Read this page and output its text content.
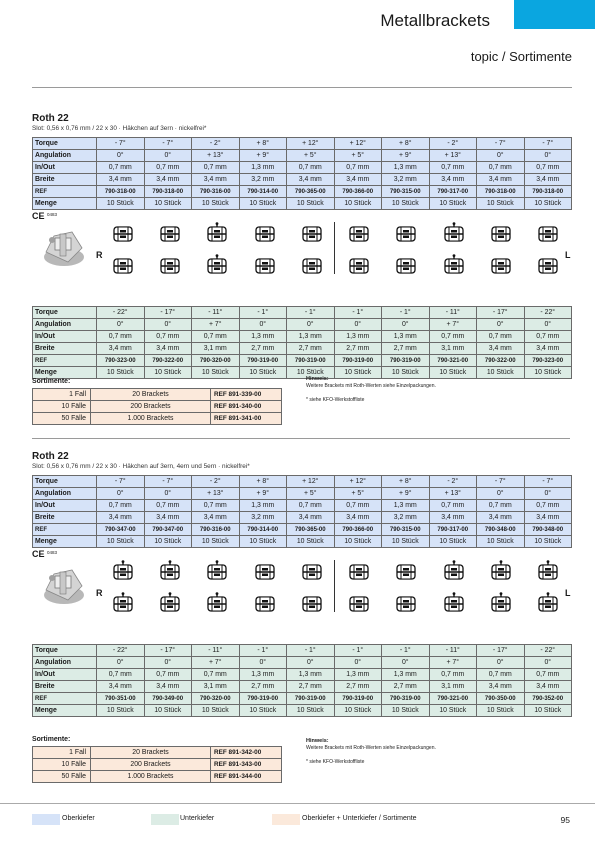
Metallbrackets
topic / Sortimente
Roth 22
Slot: 0,56 x 0,76 mm / 22 x 30 · Häkchen auf 3ern · nickelfrei*
Torque	- 7°	- 7°	- 2°	+ 8°	+ 12°	+ 12°	+ 8°	- 2°	- 7°	- 7°
Angulation	0°	0°	+ 13°	+ 9°	+ 5°	+ 5°	+ 9°	+ 13°	0°	0°
In/Out	0,7 mm	0,7 mm	0,7 mm	1,3 mm	0,7 mm	0,7 mm	1,3 mm	0,7 mm	0,7 mm	0,7 mm
Breite	3,4 mm	3,4 mm	3,4 mm	3,2 mm	3,4 mm	3,4 mm	3,2 mm	3,4 mm	3,4 mm	3,4 mm
REF	790-318-00	790-318-00	790-316-00	790-314-00	790-365-00	790-366-00	790-315-00	790-317-00	790-318-00	790-318-00
Menge	10 Stück	10 Stück	10 Stück	10 Stück	10 Stück	10 Stück	10 Stück	10 Stück	10 Stück	10 Stück
CE 0483
R	L
Torque	- 22°	- 17°	- 11°	- 1°	- 1°	- 1°	- 1°	- 11°	- 17°	- 22°
Angulation	0°	0°	+ 7°	0°	0°	0°	0°	+ 7°	0°	0°
In/Out	0,7 mm	0,7 mm	0,7 mm	1,3 mm	1,3 mm	1,3 mm	1,3 mm	0,7 mm	0,7 mm	0,7 mm
Breite	3,4 mm	3,4 mm	3,1 mm	2,7 mm	2,7 mm	2,7 mm	2,7 mm	3,1 mm	3,4 mm	3,4 mm
REF	790-323-00	790-322-00	790-320-00	790-319-00	790-319-00	790-319-00	790-319-00	790-321-00	790-322-00	790-323-00
Menge	10 Stück	10 Stück	10 Stück	10 Stück	10 Stück	10 Stück	10 Stück	10 Stück	10 Stück	10 Stück
Sortimente:
1 Fall	20 Brackets	REF 891-339-00
10 Fälle	200 Brackets	REF 891-340-00
50 Fälle	1.000 Brackets	REF 891-341-00
Hinweis:
Weitere Brackets mit Roth-Werten siehe Einzelpackungen.

* siehe KFO-Werkstoffliste
Roth 22
Slot: 0,56 x 0,76 mm / 22 x 30 · Häkchen auf 3ern, 4ern und 5ern · nickelfrei*
Torque	- 7°	- 7°	- 2°	+ 8°	+ 12°	+ 12°	+ 8°	- 2°	- 7°	- 7°
Angulation	0°	0°	+ 13°	+ 9°	+ 5°	+ 5°	+ 9°	+ 13°	0°	0°
In/Out	0,7 mm	0,7 mm	0,7 mm	1,3 mm	0,7 mm	0,7 mm	1,3 mm	0,7 mm	0,7 mm	0,7 mm
Breite	3,4 mm	3,4 mm	3,4 mm	3,2 mm	3,4 mm	3,4 mm	3,2 mm	3,4 mm	3,4 mm	3,4 mm
REF	790-347-00	790-347-00	790-316-00	790-314-00	790-365-00	790-366-00	790-315-00	790-317-00	790-348-00	790-348-00
Menge	10 Stück	10 Stück	10 Stück	10 Stück	10 Stück	10 Stück	10 Stück	10 Stück	10 Stück	10 Stück
CE 0483
R	L
Torque	- 22°	- 17°	- 11°	- 1°	- 1°	- 1°	- 1°	- 11°	- 17°	- 22°
Angulation	0°	0°	+ 7°	0°	0°	0°	0°	+ 7°	0°	0°
In/Out	0,7 mm	0,7 mm	0,7 mm	1,3 mm	1,3 mm	1,3 mm	1,3 mm	0,7 mm	0,7 mm	0,7 mm
Breite	3,4 mm	3,4 mm	3,1 mm	2,7 mm	2,7 mm	2,7 mm	2,7 mm	3,1 mm	3,4 mm	3,4 mm
REF	790-351-00	790-349-00	790-320-00	790-319-00	790-319-00	790-319-00	790-319-00	790-321-00	790-350-00	790-352-00
Menge	10 Stück	10 Stück	10 Stück	10 Stück	10 Stück	10 Stück	10 Stück	10 Stück	10 Stück	10 Stück
Sortimente:
1 Fall	20 Brackets	REF 891-342-00
10 Fälle	200 Brackets	REF 891-343-00
50 Fälle	1.000 Brackets	REF 891-344-00
Hinweis:
Weitere Brackets mit Roth-Werten siehe Einzelpackungen.

* siehe KFO-Werkstoffliste
Oberkiefer	Unterkiefer	Oberkiefer + Unterkiefer / Sortimente	95
